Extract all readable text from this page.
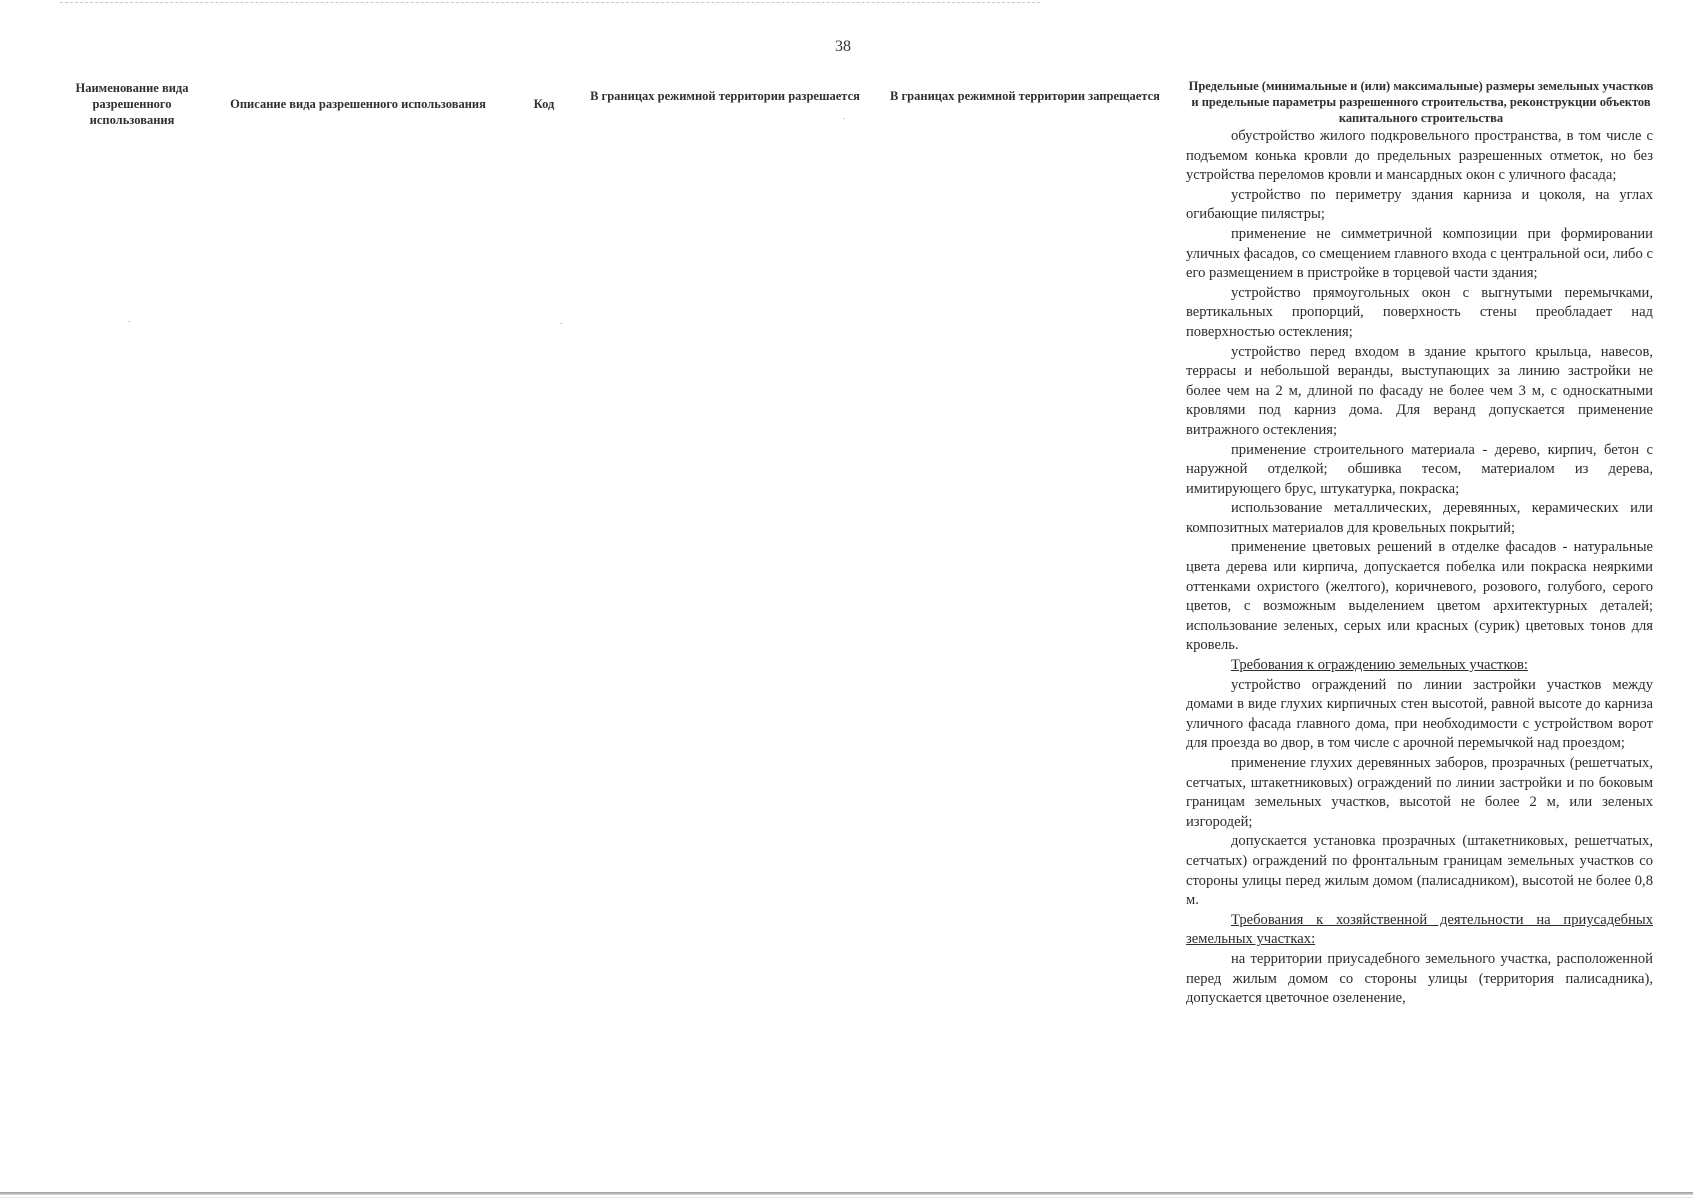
38
Наименование вида разрешенного использования
Описание вида разрешенного использования	Код
В границах режимной территории разрешается В границах режимной территории запрещается
Предельные (минимальные и (или) максимальные) размеры земельных участков и предельные параметры разрешенного строительства, реконструкции объектов капитального строительства

обустройство жилого подкровельного пространства, в том числе с подъемом конька кровли до предельных разрешенных отметок, но без устройства переломов кровли и мансардных окон с уличного фасада;

устройство по периметру здания карниза и цоколя, на углах огибающие пилястры;

применение не симметричной композиции при формировании уличных фасадов, со смещением главного входа с центральной оси, либо с его размещением в пристройке в торцевой части здания;

устройство прямоугольных окон с выгнутыми перемычками, вертикальных пропорций, поверхность стены преобладает над поверхностью остекления;

устройство перед входом в здание крытого крыльца, навесов, террасы и небольшой веранды, выступающих за линию застройки не более чем на 2 м, длиной по фасаду не более чем 3 м, с односкатными кровлями под карниз дома. Для веранд допускается применение витражного остекления;

применение строительного материала - дерево, кирпич, бетон с наружной отделкой; обшивка тесом, материалом из дерева, имитирующего брус, штукатурка, покраска;

использование металлических, деревянных, керамических или композитных материалов для кровельных покрытий;

применение цветовых решений в отделке фасадов - натуральные цвета дерева или кирпича, допускается побелка или покраска неяркими оттенками охристого (желтого), коричневого, розового, голубого, серого цветов, с возможным выделением цветом архитектурных деталей; использование зеленых, серых или красных (сурик) цветовых тонов для кровель.

Требования к ограждению земельных участков:

устройство ограждений по линии застройки участков между домами в виде глухих кирпичных стен высотой, равной высоте до карниза уличного фасада главного дома, при необходимости с устройством ворот для проезда во двор, в том числе с арочной перемычкой над проездом;

применение глухих деревянных заборов, прозрачных (решетчатых, сетчатых, штакетниковых) ограждений по линии застройки и по боковым границам земельных участков, высотой не более 2 м, или зеленых изгородей;

допускается установка прозрачных (штакетниковых, решетчатых, сетчатых) ограждений по фронтальным границам земельных участков со стороны улицы перед жилым домом (палисадником), высотой не более 0,8 м.

Требования к хозяйственной деятельности на приусадебных земельных участках:

на территории приусадебного земельного участка, расположенной перед жилым домом со стороны улицы (территория палисадника), допускается цветочное озеленение,
